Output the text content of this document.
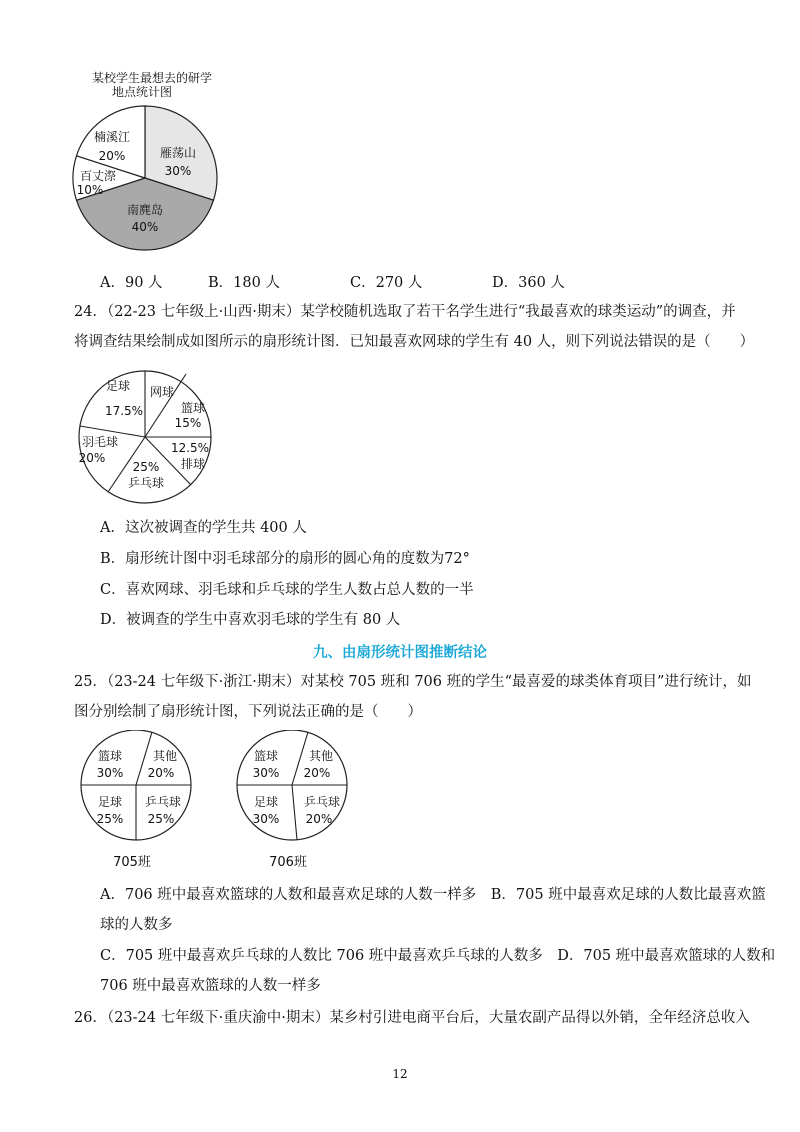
某校学生最想去的研学
地点统计图
雁荡山
30%
南麂岛
40%
百丈漈
10%
楠溪江
20%
A．90 人	B．180 人	C．270 人	D．360 人
24．（22-23 七年级上·山西·期末）某学校随机选取了若干名学生进行“我最喜欢的球类运动”的调查，并
将调查结果绘制成如图所示的扇形统计图．已知最喜欢网球的学生有 40 人，则下列说法错误的是（　　）
网球
篮球
15%
12.5%
排球
25%
乒乓球
羽毛球
20%
足球
17.5%
A．这次被调查的学生共 400 人
B．扇形统计图中羽毛球部分的扇形的圆心角的度数为72°
C．喜欢网球、羽毛球和乒乓球的学生人数占总人数的一半
D．被调查的学生中喜欢羽毛球的学生有 80 人
九、由扇形统计图推断结论
25．（23-24 七年级下·浙江·期末）对某校 705 班和 706 班的学生“最喜爱的球类体育项目”进行统计，如
图分别绘制了扇形统计图，下列说法正确的是（　　）
篮球
30%
其他
20%
乒乓球
25%
足球
25%
705班
篮球
30%
其他
20%
乒乓球
20%
足球
30%
706班
A．706 班中最喜欢篮球的人数和最喜欢足球的人数一样多　B．705 班中最喜欢足球的人数比最喜欢篮
球的人数多
C．705 班中最喜欢乒乓球的人数比 706 班中最喜欢乒乓球的人数多　D．705 班中最喜欢篮球的人数和
706 班中最喜欢篮球的人数一样多
26．（23-24 七年级下·重庆渝中·期末）某乡村引进电商平台后，大量农副产品得以外销，全年经济总收入
12
